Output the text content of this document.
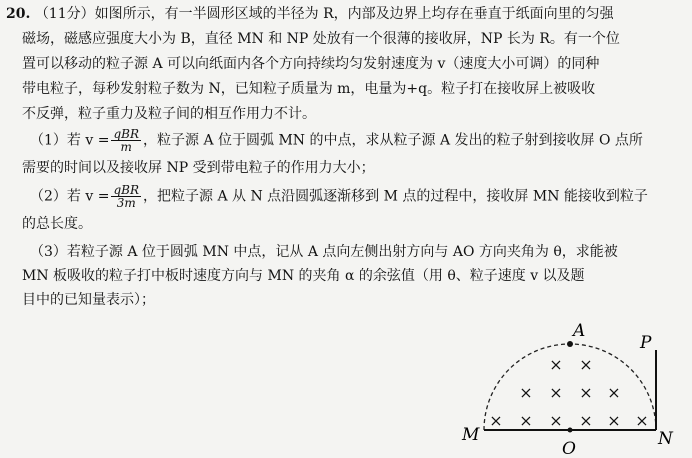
20. （11分）如图所示，有一半圆形区域的半径为 R，内部及边界上均存在垂直于纸面向里的匀强
磁场，磁感应强度大小为 B，直径 MN 和 NP 处放有一个很薄的接收屏，NP 长为 R。有一个位
置可以移动的粒子源 A 可以向纸面内各个方向持续均匀发射速度为 v（速度大小可调）的同种
带电粒子，每秒发射粒子数为 N，已知粒子质量为 m，电量为+q。粒子打在接收屏上被吸收
不反弹，粒子重力及粒子间的相互作用力不计。
（1）若 $v = \frac{\text{qBR}}{m}$ ，粒子源 A 位于圆弧 MN 的中点，求从粒子源 A 发出的粒子射到接收屏 O 点所
需要的时间以及接收屏 NP 受到带电粒子的作用力大小；
（2）若 $v = \frac{\text{qBR}}{3m}$ ，把粒子源 A 从 N 点沿圆弧逐渐移到 M 点的过程中，接收屏 MN 能接收到粒子
的总长度。
（3）若粒子源 A 位于圆弧 MN 中点，记从 A 点向左侧出射方向与 AO 方向夹角为 θ，求能被
MN 板吸收的粒子打中板时速度方向与 MN 的夹角 α 的余弦值（用 θ、粒子速度 v 以及题
目中的已知量表示）；
× ×
× × × ×
× × × × × ×
A
P
M	N
O
